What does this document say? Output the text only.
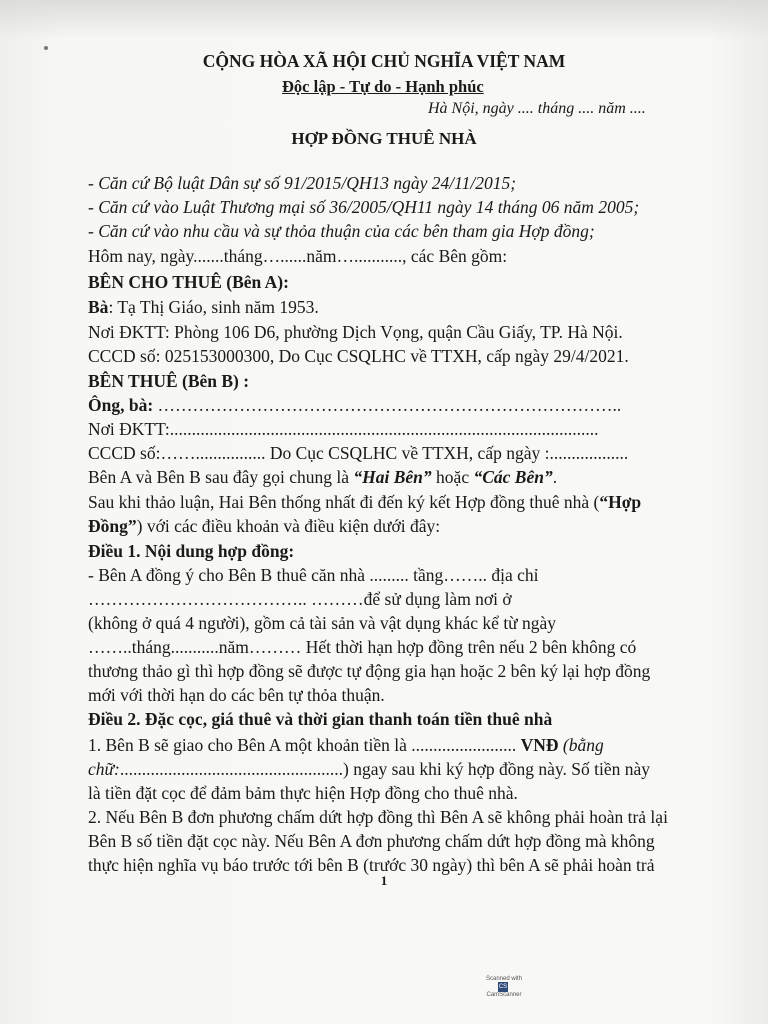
CỘNG HÒA XÃ HỘI CHỦ NGHĨA VIỆT NAM
Độc lập - Tự do - Hạnh phúc
Hà Nội, ngày .... tháng .... năm ....
HỢP ĐỒNG THUÊ NHÀ
- Căn cứ Bộ luật Dân sự số 91/2015/QH13 ngày 24/11/2015;
- Căn cứ vào Luật Thương mại số 36/2005/QH11 ngày 14 tháng 06 năm 2005;
- Căn cứ vào nhu cầu và sự thỏa thuận của các bên tham gia Hợp đồng;
Hôm nay, ngày.......tháng…......năm…..........., các Bên gồm:
BÊN CHO THUÊ (Bên A):
Bà: Tạ Thị Giáo, sinh năm 1953.
Nơi ĐKTT: Phòng 106 D6, phường Dịch Vọng, quận Cầu Giấy, TP. Hà Nội.
CCCD số: 025153000300, Do Cục CSQLHC về TTXH, cấp ngày 29/4/2021.
BÊN THUÊ (Bên B) :
Ông, bà: ……………………………………………………………………..
Nơi ĐKTT:..................................................................................................
CCCD số:……................ Do Cục CSQLHC về TTXH, cấp ngày :..................
Bên A và Bên B sau đây gọi chung là “Hai Bên” hoặc “Các Bên”.
Sau khi thảo luận, Hai Bên thống nhất đi đến ký kết Hợp đồng thuê nhà (“Hợp
Đồng”) với các điều khoản và điều kiện dưới đây:
Điều 1. Nội dung hợp đồng:
- Bên A đồng ý cho Bên B thuê căn nhà ......... tầng…….. địa chỉ
……………………………….. ………để sử dụng làm nơi ở
(không ở quá 4 người), gồm cả tài sản và vật dụng khác kể từ ngày
……..tháng...........năm……… Hết thời hạn hợp đồng trên nếu 2 bên không có
thương thảo gì thì hợp đồng sẽ được tự động gia hạn hoặc 2 bên ký lại hợp đồng
mới với thời hạn do các bên tự thỏa thuận.
Điều 2. Đặc cọc, giá thuê và thời gian thanh toán tiền thuê nhà
1. Bên B sẽ giao cho Bên A một khoản tiền là ........................ VNĐ (bằng
chữ:...................................................) ngay sau khi ký hợp đồng này. Số tiền này
là tiền đặt cọc để đảm bảm thực hiện Hợp đồng cho thuê nhà.
2. Nếu Bên B đơn phương chấm dứt hợp đồng thì Bên A sẽ không phải hoàn trả lại
Bên B số tiền đặt cọc này. Nếu Bên A đơn phương chấm dứt hợp đồng mà không
thực hiện nghĩa vụ báo trước tới bên B (trước 30 ngày) thì bên A sẽ phải hoàn trả
1
Scanned with
CSCamScanner
